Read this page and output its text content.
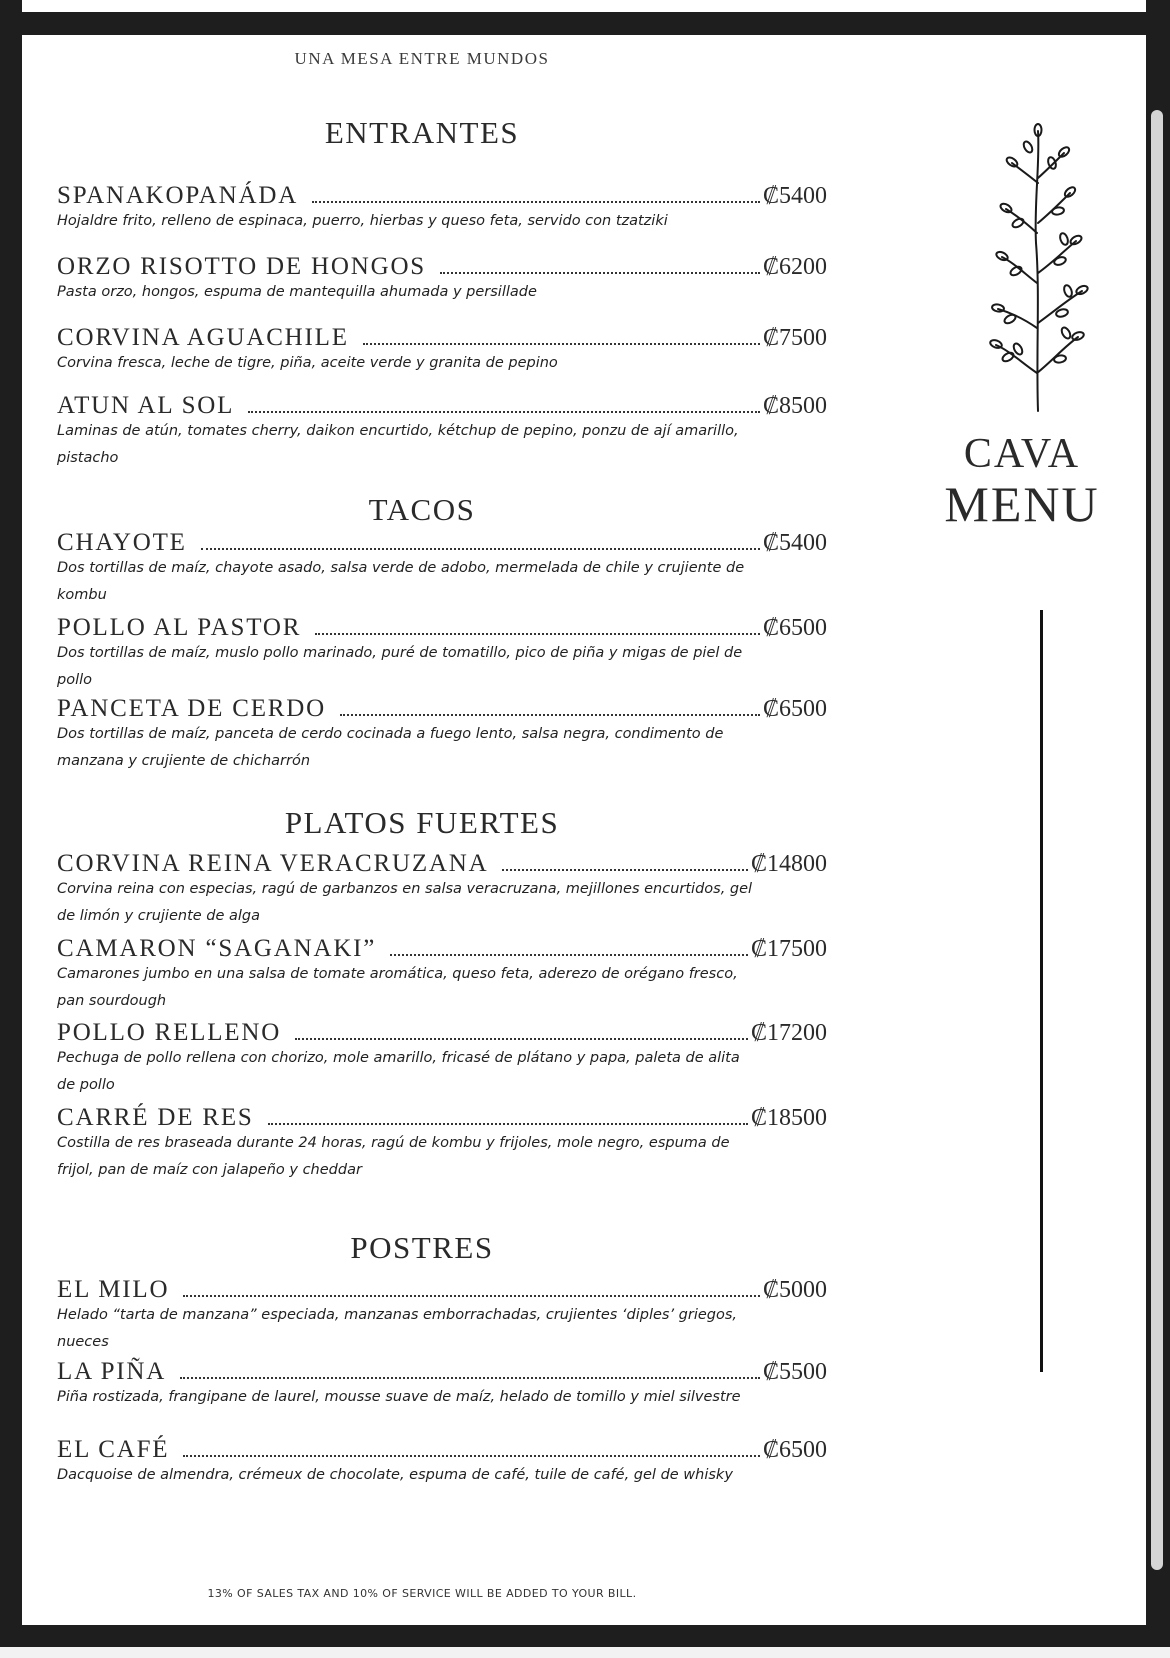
UNA MESA ENTRE MUNDOS
ENTRANTES
SPANAKOPANÁDA	₡5400
Hojaldre frito, relleno de espinaca, puerro, hierbas y queso feta, servido con tzatziki
ORZO RISOTTO DE HONGOS	₡6200
Pasta orzo, hongos, espuma de mantequilla ahumada y persillade
CORVINA AGUACHILE	₡7500
Corvina fresca, leche de tigre, piña, aceite verde y granita de pepino
ATUN AL SOL	₡8500
Laminas de atún, tomates cherry, daikon encurtido, kétchup de pepino, ponzu de ají amarillo, pistacho
TACOS
CHAYOTE	₡5400
Dos tortillas de maíz, chayote asado, salsa verde de adobo, mermelada de chile y crujiente de kombu
POLLO AL PASTOR	₡6500
Dos tortillas de maíz, muslo pollo marinado, puré de tomatillo, pico de piña y migas de piel de pollo
PANCETA DE CERDO	₡6500
Dos tortillas de maíz, panceta de cerdo cocinada a fuego lento, salsa negra, condimento de manzana y crujiente de chicharrón
PLATOS FUERTES
CORVINA REINA VERACRUZANA	₡14800
Corvina reina con especias, ragú de garbanzos en salsa veracruzana, mejillones encurtidos, gel de limón y crujiente de alga
CAMARON “SAGANAKI”	₡17500
Camarones jumbo en una salsa de tomate aromática, queso feta, aderezo de orégano fresco, pan sourdough
POLLO RELLENO	₡17200
Pechuga de pollo rellena con chorizo, mole amarillo, fricasé de plátano y papa, paleta de alita de pollo
CARRÉ DE RES	₡18500
Costilla de res braseada durante 24 horas, ragú de kombu y frijoles, mole negro, espuma de frijol, pan de maíz con jalapeño y cheddar
POSTRES
EL MILO	₡5000
Helado “tarta de manzana” especiada, manzanas emborrachadas, crujientes ‘diples’ griegos, nueces
LA PIÑA	₡5500
Piña rostizada, frangipane de laurel, mousse suave de maíz, helado de tomillo y miel silvestre
EL CAFÉ	₡6500
Dacquoise de almendra, crémeux de chocolate, espuma de café, tuile de café, gel de whisky
CAVA
MENU
13% OF SALES TAX AND 10% OF SERVICE WILL BE ADDED TO YOUR BILL.
